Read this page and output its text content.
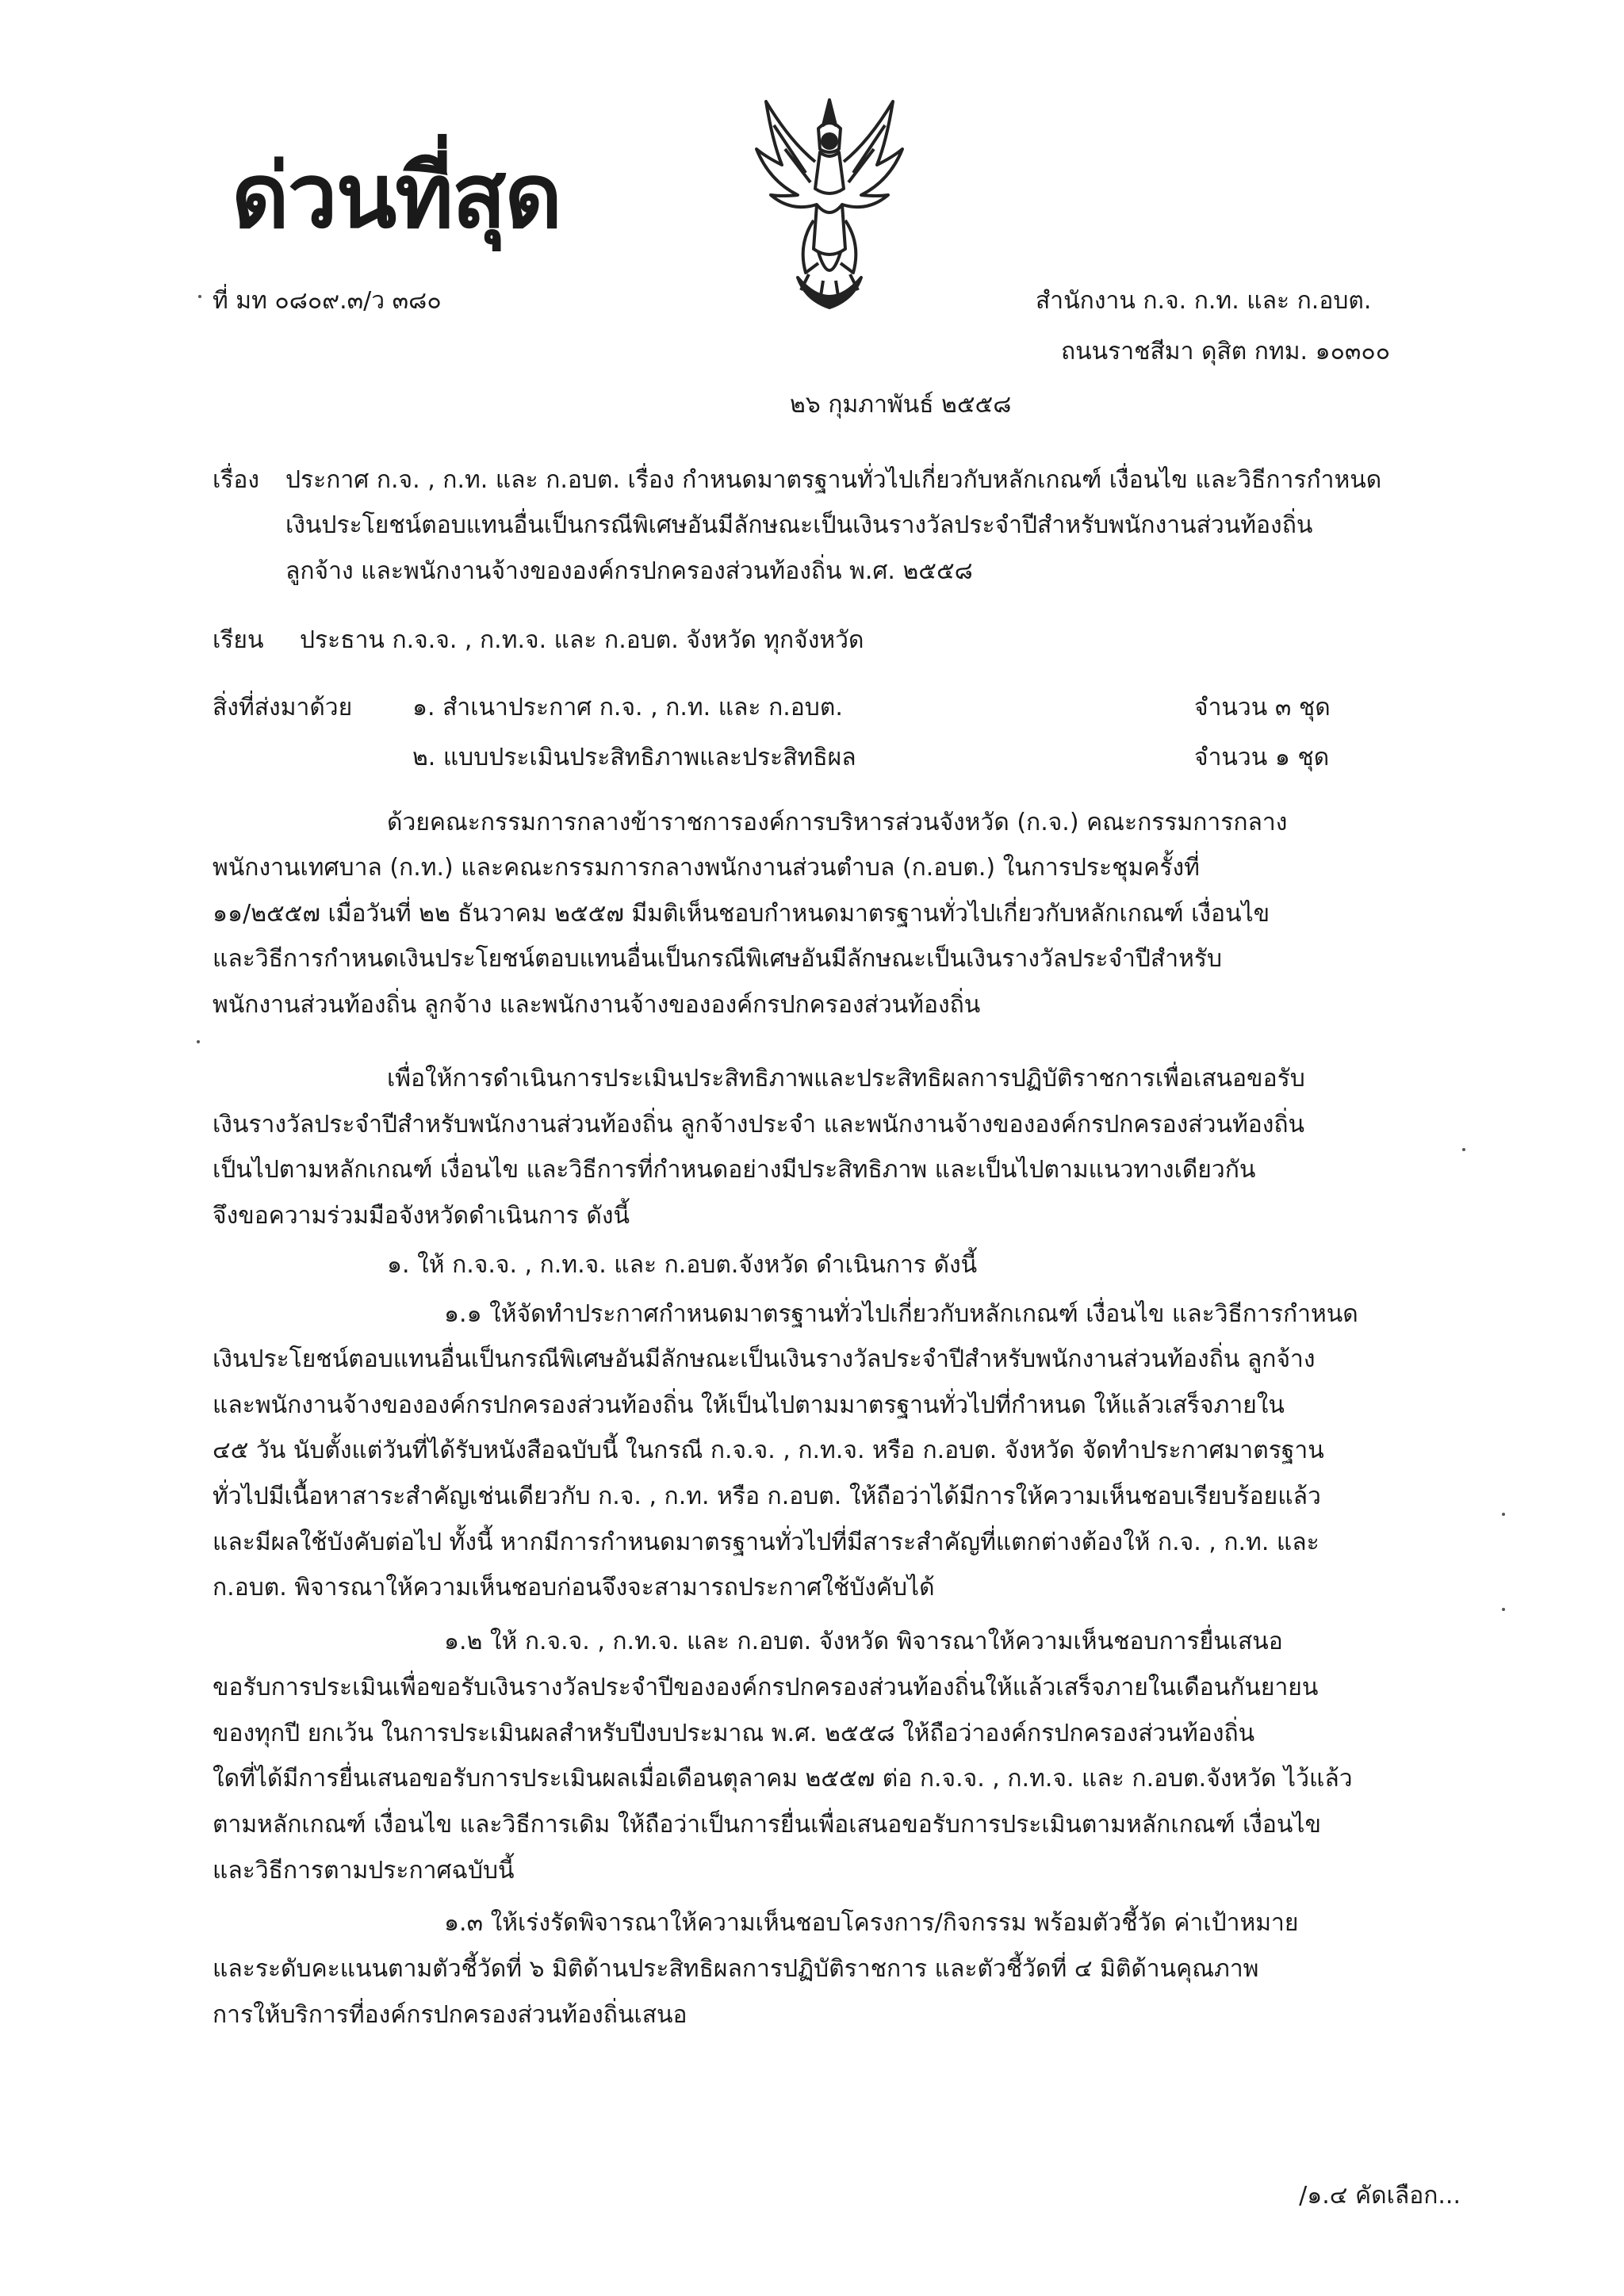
ด่วนที่สุด
ที่ มท ๐๘๐๙.๓/ว ๓๘๐	สำนักงาน ก.จ. ก.ท. และ ก.อบต.
ถนนราชสีมา ดุสิต กทม. ๑๐๓๐๐
๒๖ กุมภาพันธ์ ๒๕๕๘
เรื่อง ประกาศ ก.จ. , ก.ท. และ ก.อบต. เรื่อง กำหนดมาตรฐานทั่วไปเกี่ยวกับหลักเกณฑ์ เงื่อนไข และวิธีการกำหนด
เงินประโยชน์ตอบแทนอื่นเป็นกรณีพิเศษอันมีลักษณะเป็นเงินรางวัลประจำปีสำหรับพนักงานส่วนท้องถิ่น
ลูกจ้าง และพนักงานจ้างขององค์กรปกครองส่วนท้องถิ่น พ.ศ. ๒๕๕๘
เรียน ประธาน ก.จ.จ. , ก.ท.จ. และ ก.อบต. จังหวัด ทุกจังหวัด
สิ่งที่ส่งมาด้วย	๑. สำเนาประกาศ ก.จ. , ก.ท. และ ก.อบต.	จำนวน ๓ ชุด
๒. แบบประเมินประสิทธิภาพและประสิทธิผล	จำนวน ๑ ชุด
ด้วยคณะกรรมการกลางข้าราชการองค์การบริหารส่วนจังหวัด (ก.จ.) คณะกรรมการกลาง
พนักงานเทศบาล (ก.ท.) และคณะกรรมการกลางพนักงานส่วนตำบล (ก.อบต.) ในการประชุมครั้งที่
๑๑/๒๕๕๗ เมื่อวันที่ ๒๒ ธันวาคม ๒๕๕๗ มีมติเห็นชอบกำหนดมาตรฐานทั่วไปเกี่ยวกับหลักเกณฑ์ เงื่อนไข
และวิธีการกำหนดเงินประโยชน์ตอบแทนอื่นเป็นกรณีพิเศษอันมีลักษณะเป็นเงินรางวัลประจำปีสำหรับ
พนักงานส่วนท้องถิ่น ลูกจ้าง และพนักงานจ้างขององค์กรปกครองส่วนท้องถิ่น
เพื่อให้การดำเนินการประเมินประสิทธิภาพและประสิทธิผลการปฏิบัติราชการเพื่อเสนอขอรับ
เงินรางวัลประจำปีสำหรับพนักงานส่วนท้องถิ่น ลูกจ้างประจำ และพนักงานจ้างขององค์กรปกครองส่วนท้องถิ่น
เป็นไปตามหลักเกณฑ์ เงื่อนไข และวิธีการที่กำหนดอย่างมีประสิทธิภาพ และเป็นไปตามแนวทางเดียวกัน
จึงขอความร่วมมือจังหวัดดำเนินการ ดังนี้
๑. ให้ ก.จ.จ. , ก.ท.จ. และ ก.อบต.จังหวัด ดำเนินการ ดังนี้
๑.๑ ให้จัดทำประกาศกำหนดมาตรฐานทั่วไปเกี่ยวกับหลักเกณฑ์ เงื่อนไข และวิธีการกำหนด
เงินประโยชน์ตอบแทนอื่นเป็นกรณีพิเศษอันมีลักษณะเป็นเงินรางวัลประจำปีสำหรับพนักงานส่วนท้องถิ่น ลูกจ้าง
และพนักงานจ้างขององค์กรปกครองส่วนท้องถิ่น ให้เป็นไปตามมาตรฐานทั่วไปที่กำหนด ให้แล้วเสร็จภายใน
๔๕ วัน นับตั้งแต่วันที่ได้รับหนังสือฉบับนี้ ในกรณี ก.จ.จ. , ก.ท.จ. หรือ ก.อบต. จังหวัด จัดทำประกาศมาตรฐาน
ทั่วไปมีเนื้อหาสาระสำคัญเช่นเดียวกับ ก.จ. , ก.ท. หรือ ก.อบต. ให้ถือว่าได้มีการให้ความเห็นชอบเรียบร้อยแล้ว
และมีผลใช้บังคับต่อไป ทั้งนี้ หากมีการกำหนดมาตรฐานทั่วไปที่มีสาระสำคัญที่แตกต่างต้องให้ ก.จ. , ก.ท. และ
ก.อบต. พิจารณาให้ความเห็นชอบก่อนจึงจะสามารถประกาศใช้บังคับได้
๑.๒ ให้ ก.จ.จ. , ก.ท.จ. และ ก.อบต. จังหวัด พิจารณาให้ความเห็นชอบการยื่นเสนอ
ขอรับการประเมินเพื่อขอรับเงินรางวัลประจำปีขององค์กรปกครองส่วนท้องถิ่นให้แล้วเสร็จภายในเดือนกันยายน
ของทุกปี ยกเว้น ในการประเมินผลสำหรับปีงบประมาณ พ.ศ. ๒๕๕๘ ให้ถือว่าองค์กรปกครองส่วนท้องถิ่น
ใดที่ได้มีการยื่นเสนอขอรับการประเมินผลเมื่อเดือนตุลาคม ๒๕๕๗ ต่อ ก.จ.จ. , ก.ท.จ. และ ก.อบต.จังหวัด ไว้แล้ว
ตามหลักเกณฑ์ เงื่อนไข และวิธีการเดิม ให้ถือว่าเป็นการยื่นเพื่อเสนอขอรับการประเมินตามหลักเกณฑ์ เงื่อนไข
และวิธีการตามประกาศฉบับนี้
๑.๓ ให้เร่งรัดพิจารณาให้ความเห็นชอบโครงการ/กิจกรรม พร้อมตัวชี้วัด ค่าเป้าหมาย
และระดับคะแนนตามตัวชี้วัดที่ ๖ มิติด้านประสิทธิผลการปฏิบัติราชการ และตัวชี้วัดที่ ๔ มิติด้านคุณภาพ
การให้บริการที่องค์กรปกครองส่วนท้องถิ่นเสนอ
/๑.๔ คัดเลือก...
